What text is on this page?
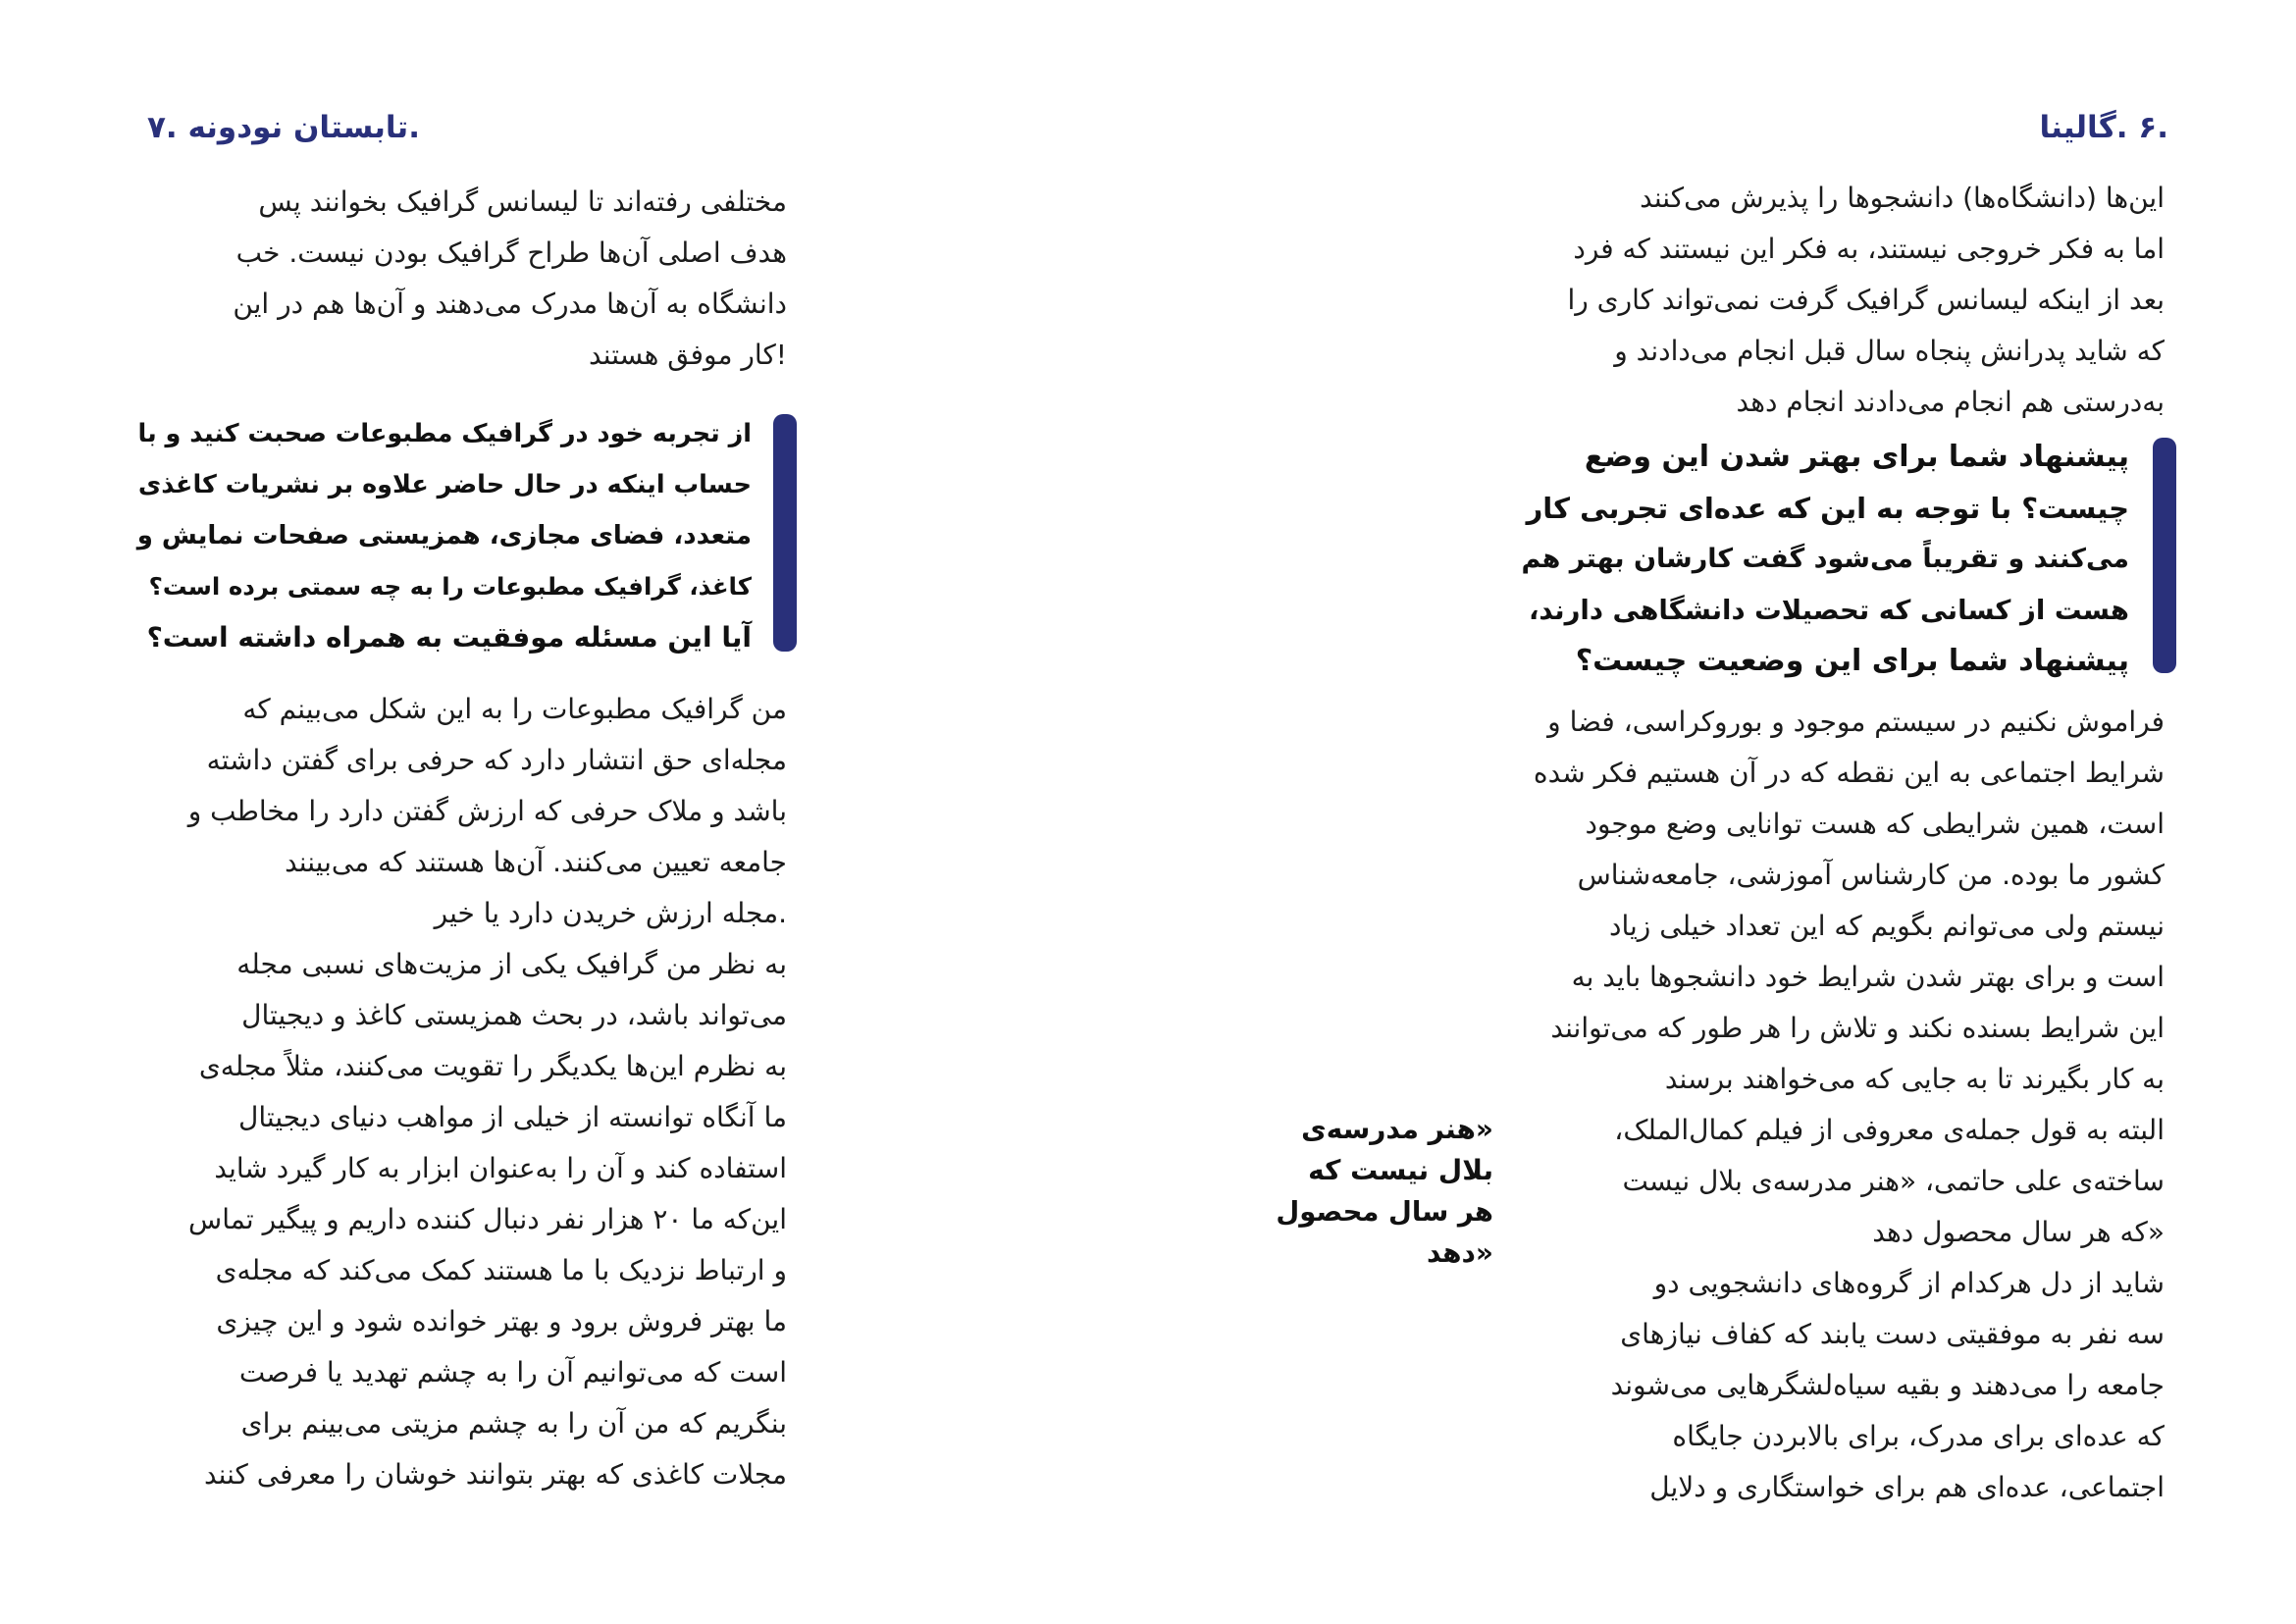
.تابستان نودونه .۷	.۶ .گالینا

مختلفی رفته‌اند تا لیسانس گرافیک بخوانند پس
هدف اصلی آن‌ها طراح گرافیک بودن نیست. خب
دانشگاه به آن‌ها مدرک می‌دهند و آن‌ها هم در این
!کار موفق هستند

از تجربه خود در گرافیک مطبوعات صحبت کنید و با
حساب اینکه در حال حاضر علاوه بر نشریات کاغذی
متعدد، فضای مجازی، همزیستی صفحات نمایش و
کاغذ، گرافیک مطبوعات را به چه سمتی برده است؟
آیا این مسئله موفقیت به همراه داشته است؟

من گرافیک مطبوعات را به این شکل می‌بینم که
مجله‌ای حق انتشار دارد که حرفی برای گفتن داشته
باشد و ملاک حرفی که ارزش گفتن دارد را مخاطب و
جامعه تعیین می‌کنند. آن‌ها هستند که می‌بینند
.مجله ارزش خریدن دارد یا خیر

به نظر من گرافیک یکی از مزیت‌های نسبی مجله
می‌تواند باشد، در بحث همزیستی کاغذ و دیجیتال
به نظرم این‌ها یکدیگر را تقویت می‌کنند، مثلاً مجله‌ی
ما آنگاه توانسته از خیلی از مواهب دنیای دیجیتال
استفاده کند و آن را به‌عنوان ابزار به کار گیرد شاید
این‌که ما ۲۰ هزار نفر دنبال کننده داریم و پیگیر تماس
و ارتباط نزدیک با ما هستند کمک می‌کند که مجله‌ی
ما بهتر فروش برود و بهتر خوانده شود و این چیزی
است که می‌توانیم آن را به چشم تهدید یا فرصت
بنگریم که من آن را به چشم مزیتی می‌بینم برای
مجلات کاغذی که بهتر بتوانند خوشان را معرفی کنند

«هنر مدرسه‌ی
بلال نیست که
هر سال محصول
«دهد

این‌ها (دانشگاه‌ها) دانشجوها را پذیرش می‌کنند
اما به فکر خروجی نیستند، به فکر این نیستند که فرد
بعد از اینکه لیسانس گرافیک گرفت نمی‌تواند کاری را
که شاید پدرانش پنجاه سال قبل انجام می‌دادند و
به‌درستی هم انجام می‌دادند انجام دهد

پیشنهاد شما برای بهتر شدن این وضع
چیست؟ با توجه به این که عده‌ای تجربی کار
می‌کنند و تقریباً می‌شود گفت کارشان بهتر هم
هست از کسانی که تحصیلات دانشگاهی دارند،
پیشنهاد شما برای این وضعیت چیست؟

فراموش نکنیم در سیستم موجود و بوروکراسی، فضا و
شرایط اجتماعی به این نقطه که در آن هستیم فکر شده
است، همین شرایطی که هست توانایی وضع موجود
کشور ما بوده. من کارشناس آموزشی، جامعه‌شناس
نیستم ولی می‌توانم بگویم که این تعداد خیلی زیاد
است و برای بهتر شدن شرایط خود دانشجوها باید به
این شرایط بسنده نکند و تلاش را هر طور که می‌توانند
به کار بگیرند تا به جایی که می‌خواهند برسند

البته به قول جمله‌ی معروفی از فیلم کمال‌الملک،
ساخته‌ی علی حاتمی، «هنر مدرسه‌ی بلال نیست
«که هر سال محصول دهد

شاید از دل هرکدام از گروه‌های دانشجویی دو
سه نفر به موفقیتی دست یابند که کفاف نیازهای
جامعه را می‌دهند و بقیه سیاه‌لشگرهایی می‌شوند
که عده‌ای برای مدرک، برای بالابردن جایگاه
اجتماعی، عده‌ای هم برای خواستگاری و دلایل
